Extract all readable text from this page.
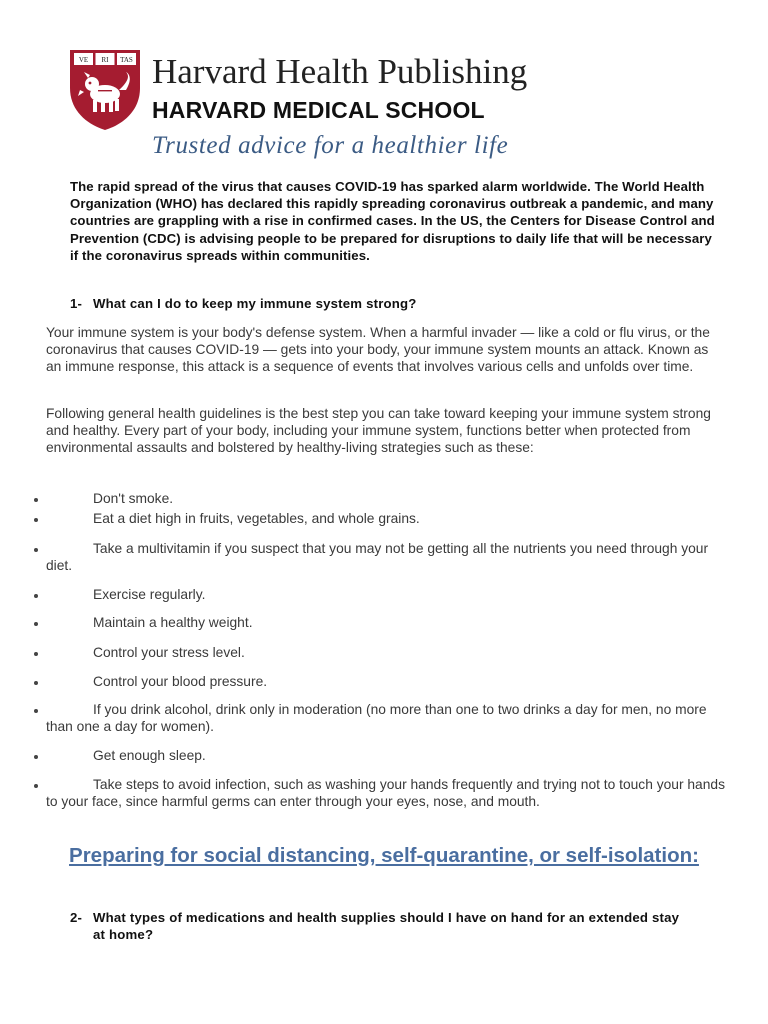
VE RI TAS Harvard Health Publishing
HARVARD MEDICAL SCHOOL
Trusted advice for a healthier life
The rapid spread of the virus that causes COVID-19 has sparked alarm worldwide. The World Health Organization (WHO) has declared this rapidly spreading coronavirus outbreak a pandemic, and many countries are grappling with a rise in confirmed cases. In the US, the Centers for Disease Control and Prevention (CDC) is advising people to be prepared for disruptions to daily life that will be necessary if the coronavirus spreads within communities.
1- What can I do to keep my immune system strong?
Your immune system is your body's defense system. When a harmful invader — like a cold or flu virus, or the coronavirus that causes COVID-19 — gets into your body, your immune system mounts an attack. Known as an immune response, this attack is a sequence of events that involves various cells and unfolds over time.
Following general health guidelines is the best step you can take toward keeping your immune system strong and healthy. Every part of your body, including your immune system, functions better when protected from environmental assaults and bolstered by healthy-living strategies such as these:
Don't smoke.
Eat a diet high in fruits, vegetables, and whole grains.
Take a multivitamin if you suspect that you may not be getting all the nutrients you need through your diet.
Exercise regularly.
Maintain a healthy weight.
Control your stress level.
Control your blood pressure.
If you drink alcohol, drink only in moderation (no more than one to two drinks a day for men, no more than one a day for women).
Get enough sleep.
Take steps to avoid infection, such as washing your hands frequently and trying not to touch your hands to your face, since harmful germs can enter through your eyes, nose, and mouth.
Preparing for social distancing, self-quarantine, or self-isolation:
2- What types of medications and health supplies should I have on hand for an extended stay at home?
